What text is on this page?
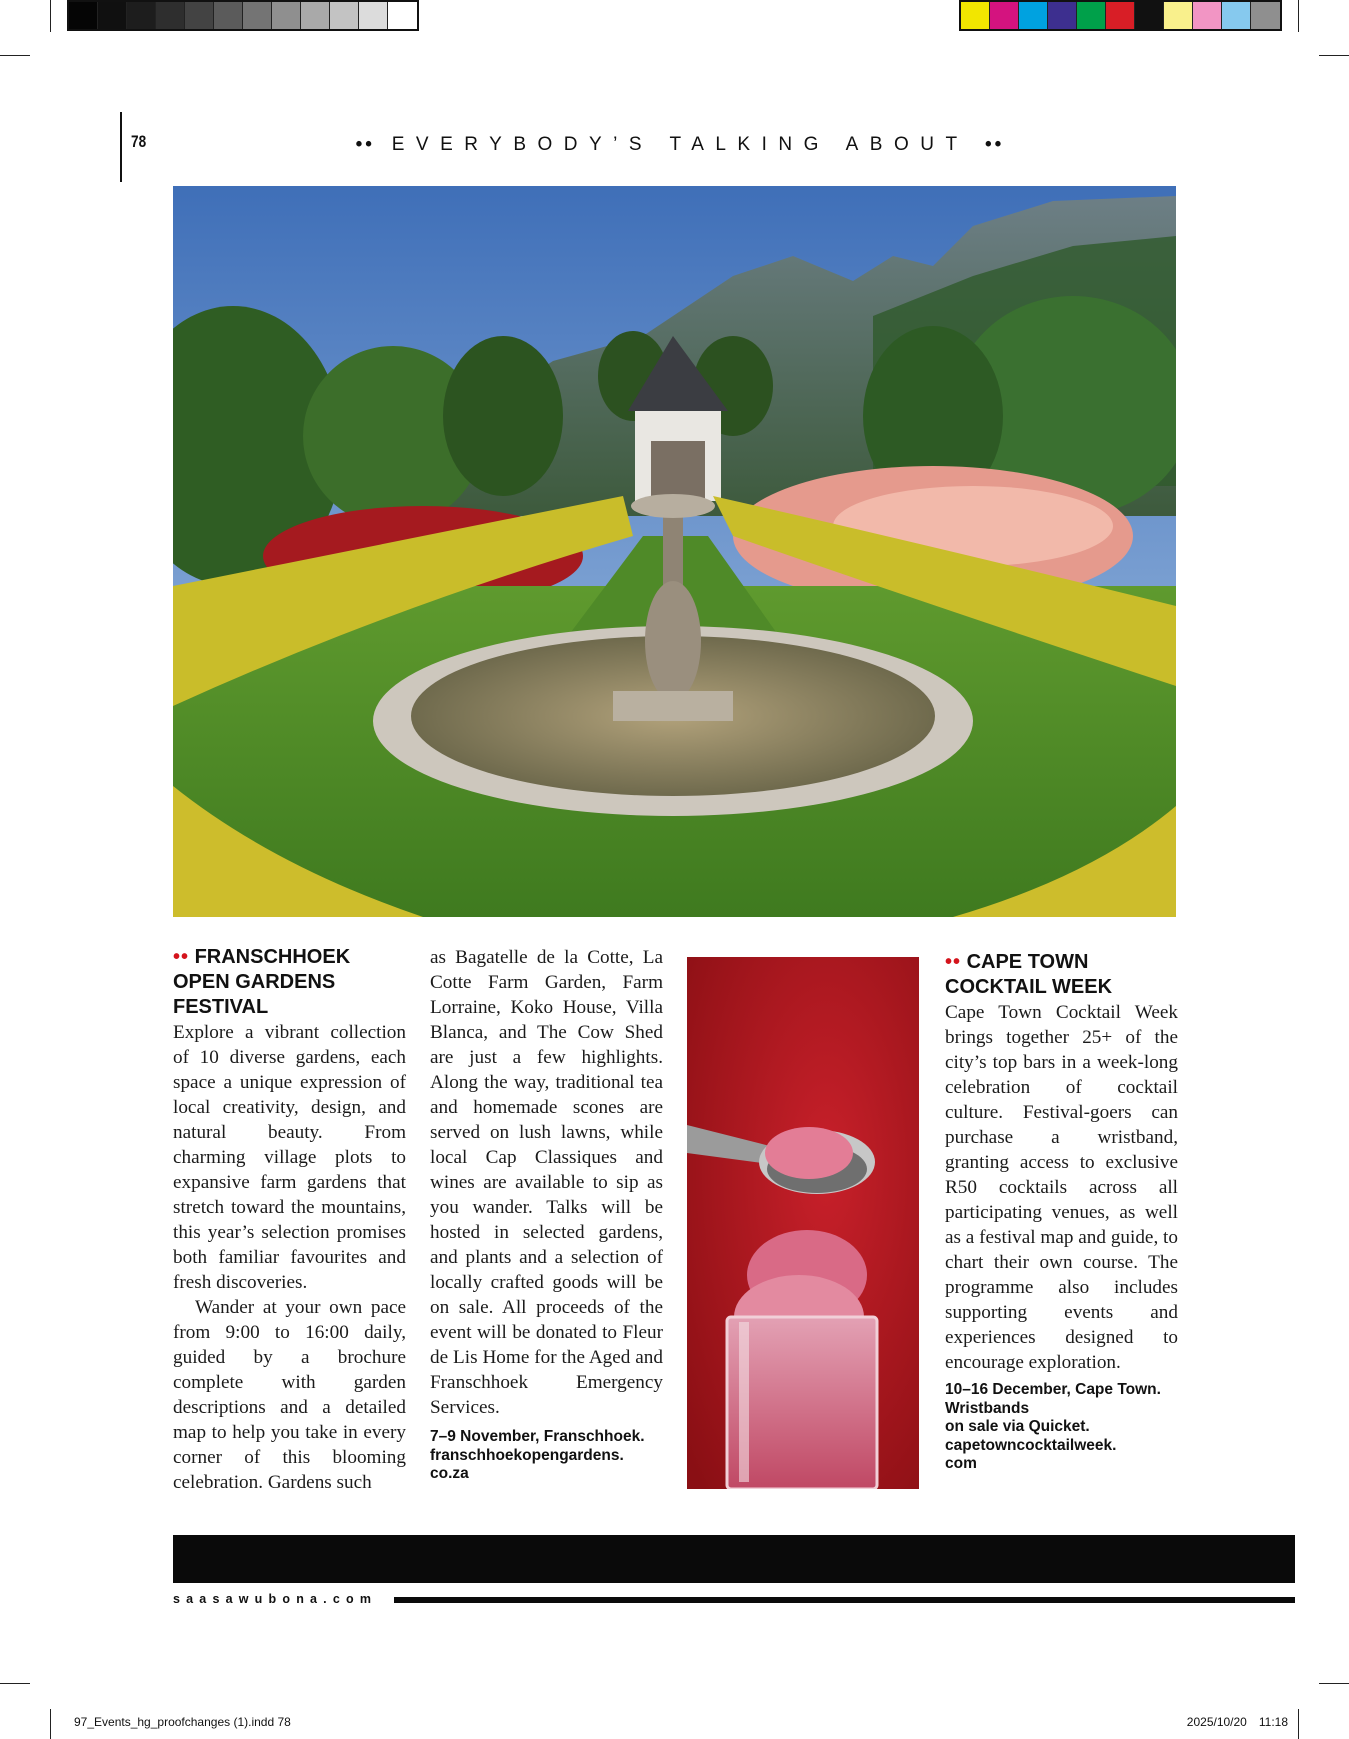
78	•• EVERYBODY’S TALKING ABOUT ••
•• FRANSCHHOEK OPEN GARDENS FESTIVAL

Explore a vibrant collection of 10 diverse gardens, each space a unique expression of local creativity, design, and natural beauty. From charming village plots to expansive farm gardens that stretch toward the mountains, this year’s selection promises both familiar favourites and fresh discoveries.

Wander at your own pace from 9:00 to 16:00 daily, guided by a brochure complete with garden descriptions and a detailed map to help you take in every corner of this blooming celebration. Gardens such

as Bagatelle de la Cotte, La Cotte Farm Garden, Farm Lorraine, Koko House, Villa Blanca, and The Cow Shed are just a few highlights. Along the way, traditional tea and homemade scones are served on lush lawns, while local Cap Classiques and wines are available to sip as you wander. Talks will be hosted in selected gardens, and plants and a selection of locally crafted goods will be on sale. All proceeds of the event will be donated to Fleur de Lis Home for the Aged and Franschhoek Emergency Services.

7–9 November, Franschhoek.
franschhoekopengardens.
co.za
•• CAPE TOWN COCKTAIL WEEK

Cape Town Cocktail Week brings together 25+ of the city’s top bars in a week-long celebration of cocktail culture. Festival-goers can purchase a wristband, granting access to exclusive R50 cocktails across all participating venues, as well as a festival map and guide, to chart their own course. The programme also includes supporting events and experiences designed to encourage exploration.

10–16 December, Cape Town. Wristbands
on sale via Quicket.
capetowncocktailweek.
com
saasawubona.com
97_Events_hg_proofchanges (1).indd 78	2025/10/20 11:18
